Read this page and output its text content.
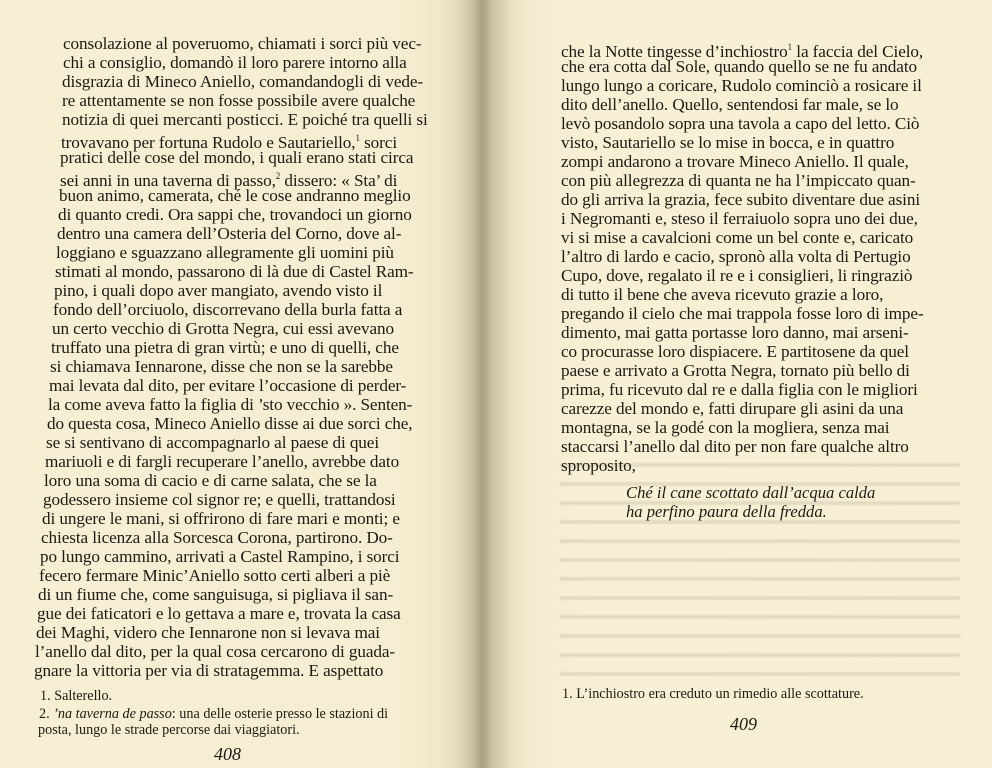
consolazione al poveruomo, chiamati i sorci più vec-
chi a consiglio, domandò il loro parere intorno alla
disgrazia di Mineco Aniello, comandandogli di vede-
re attentamente se non fosse possibile avere qualche
notizia di quei mercanti posticci. E poiché tra quelli si
trovavano per fortuna Rudolo e Sautariello,$^1$ sorci
pratici delle cose del mondo, i quali erano stati circa
sei anni in una taverna di passo,$^2$ dissero: « Sta’ di
buon animo, camerata, ché le cose andranno meglio
di quanto credi. Ora sappi che, trovandoci un giorno
dentro una camera dell’Osteria del Corno, dove al-
loggiano e sguazzano allegramente gli uomini più
stimati al mondo, passarono di là due di Castel Ram-
pino, i quali dopo aver mangiato, avendo visto il
fondo dell’orciuolo, discorrevano della burla fatta a
un certo vecchio di Grotta Negra, cui essi avevano
truffato una pietra di gran virtù; e uno di quelli, che
si chiamava Iennarone, disse che non se la sarebbe
mai levata dal dito, per evitare l’occasione di perder-
la come aveva fatto la figlia di ’sto vecchio ». Senten-
do questa cosa, Mineco Aniello disse ai due sorci che,
se si sentivano di accompagnarlo al paese di quei
mariuoli e di fargli recuperare l’anello, avrebbe dato
loro una soma di cacio e di carne salata, che se la
godessero insieme col signor re; e quelli, trattandosi
di ungere le mani, si offrirono di fare mari e monti; e
chiesta licenza alla Sorcesca Corona, partirono. Do-
po lungo cammino, arrivati a Castel Rampino, i sorci
fecero fermare Minic’Aniello sotto certi alberi a piè
di un fiume che, come sanguisuga, si pigliava il san-
gue dei faticatori e lo gettava a mare e, trovata la casa
dei Maghi, videro che Iennarone non si levava mai
l’anello dal dito, per la qual cosa cercarono di guada-
gnare la vittoria per via di stratagemma. E aspettato
1. Salterello.
2. ’na taverna de passo: una delle osterie presso le stazioni di
posta, lungo le strade percorse dai viaggiatori.
408
che la Notte tingesse d’inchiostro$^1$ la faccia del Cielo,
che era cotta dal Sole, quando quello se ne fu andato
lungo lungo a coricare, Rudolo cominciò a rosicare il
dito dell’anello. Quello, sentendosi far male, se lo
levò posandolo sopra una tavola a capo del letto. Ciò
visto, Sautariello se lo mise in bocca, e in quattro
zompi andarono a trovare Mineco Aniello. Il quale,
con più allegrezza di quanta ne ha l’impiccato quan-
do gli arriva la grazia, fece subito diventare due asini
i Negromanti e, steso il ferraiuolo sopra uno dei due,
vi si mise a cavalcioni come un bel conte e, caricato
l’altro di lardo e cacio, spronò alla volta di Pertugio
Cupo, dove, regalato il re e i consiglieri, li ringraziò
di tutto il bene che aveva ricevuto grazie a loro,
pregando il cielo che mai trappola fosse loro di impe-
dimento, mai gatta portasse loro danno, mai arseni-
co procurasse loro dispiacere. E partitosene da quel
paese e arrivato a Grotta Negra, tornato più bello di
prima, fu ricevuto dal re e dalla figlia con le migliori
carezze del mondo e, fatti dirupare gli asini da una
montagna, se la godé con la mogliera, senza mai
staccarsi l’anello dal dito per non fare qualche altro
sproposito,
Ché il cane scottato dall’acqua calda
ha perfino paura della fredda.
1. L’inchiostro era creduto un rimedio alle scottature.
409
